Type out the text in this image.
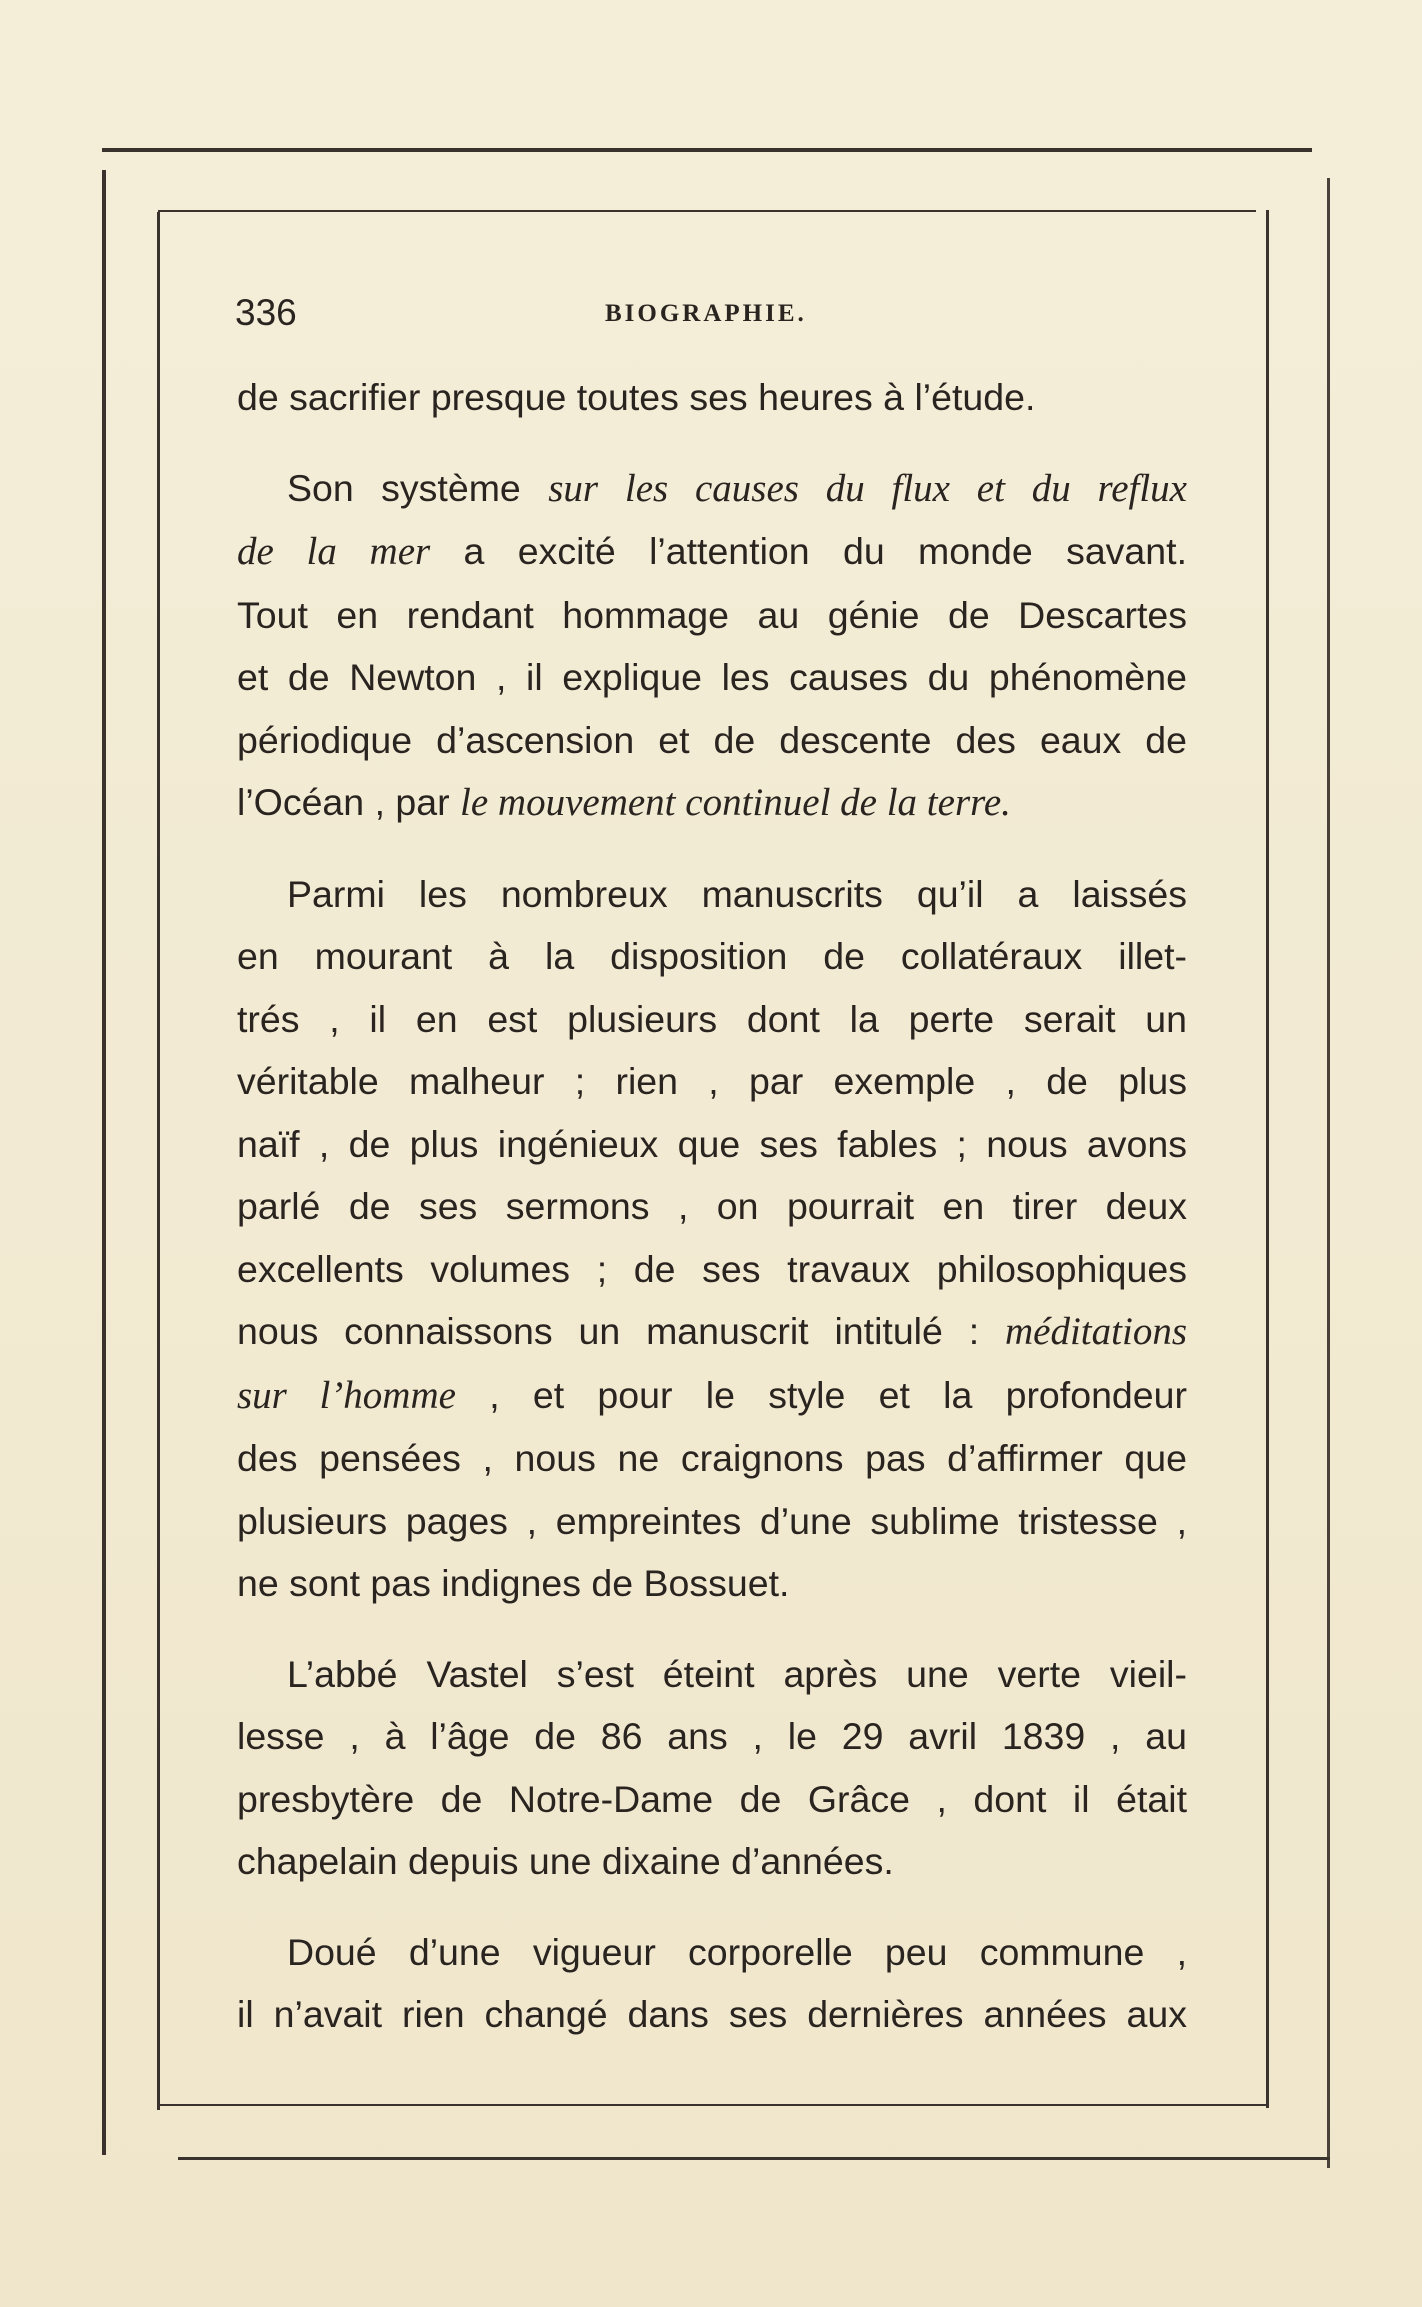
336	BIOGRAPHIE.

de sacrifier presque toutes ses heures à l’étude.

Son système sur les causes du flux et du reflux
de la mer a excité l’attention du monde savant.
Tout en rendant hommage au génie de Descartes
et de Newton , il explique les causes du phénomène
périodique d’ascension et de descente des eaux de
l’Océan , par le mouvement continuel de la terre.

Parmi les nombreux manuscrits qu’il a laissés
en mourant à la disposition de collatéraux illet-
trés , il en est plusieurs dont la perte serait un
véritable malheur ; rien , par exemple , de plus
naïf , de plus ingénieux que ses fables ; nous avons
parlé de ses sermons , on pourrait en tirer deux
excellents volumes ; de ses travaux philosophiques
nous connaissons un manuscrit intitulé : méditations
sur l’homme , et pour le style et la profondeur
des pensées , nous ne craignons pas d’affirmer que
plusieurs pages , empreintes d’une sublime tristesse ,
ne sont pas indignes de Bossuet.

L’abbé Vastel s’est éteint après une verte vieil-
lesse , à l’âge de 86 ans , le 29 avril 1839 , au
presbytère de Notre-Dame de Grâce , dont il était
chapelain depuis une dixaine d’années.

Doué d’une vigueur corporelle peu commune ,
il n’avait rien changé dans ses dernières années aux
